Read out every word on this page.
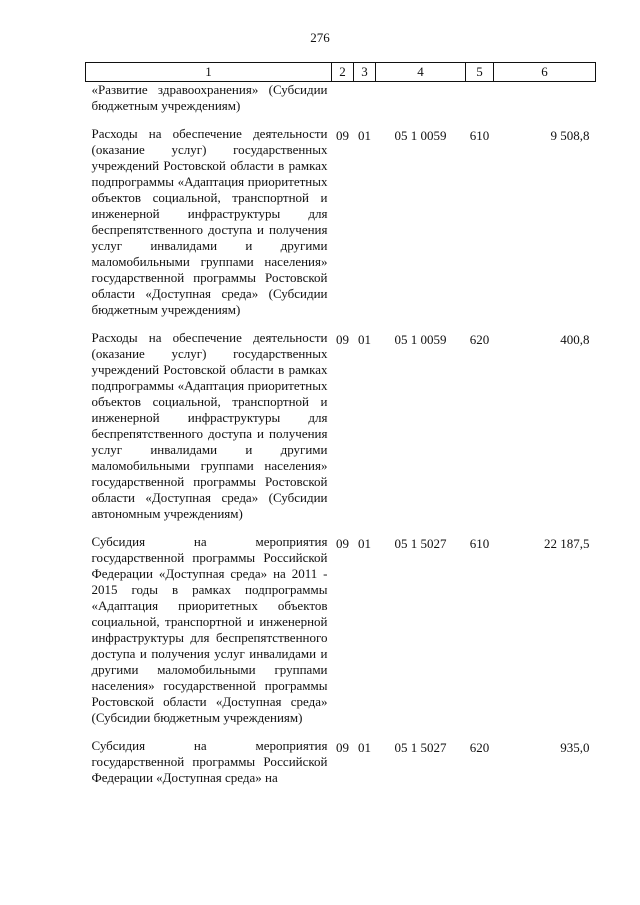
276
1	2	3	4	5	6
«Развитие здравоохранения» (Субсидии бюджетным учреждениям)					
Расходы на обеспечение деятельности (оказание услуг) государственных учреждений Ростовской области в рамках подпрограммы «Адаптация приоритетных объектов социальной, транспортной и инженерной инфраструктуры для беспрепятственного доступа и получения услуг инвалидами и другими маломобильными группами населения» государственной программы Ростовской области «Доступная среда» (Субсидии бюджетным учреждениям)	09	01	05 1 0059	610	9 508,8
Расходы на обеспечение деятельности (оказание услуг) государственных учреждений Ростовской области в рамках подпрограммы «Адаптация приоритетных объектов социальной, транспортной и инженерной инфраструктуры для беспрепятственного доступа и получения услуг инвалидами и другими маломобильными группами населения» государственной программы Ростовской области «Доступная среда» (Субсидии автономным учреждениям)	09	01	05 1 0059	620	400,8
Субсидия на мероприятия государственной программы Российской Федерации «Доступная среда» на 2011 - 2015 годы в рамках подпрограммы «Адаптация приоритетных объектов социальной, транспортной и инженерной инфраструктуры для беспрепятственного доступа и получения услуг инвалидами и другими маломобильными группами населения» государственной программы Ростовской области «Доступная среда» (Субсидии бюджетным учреждениям)	09	01	05 1 5027	610	22 187,5
Субсидия на мероприятия государственной программы Российской Федерации «Доступная среда» на	09	01	05 1 5027	620	935,0
